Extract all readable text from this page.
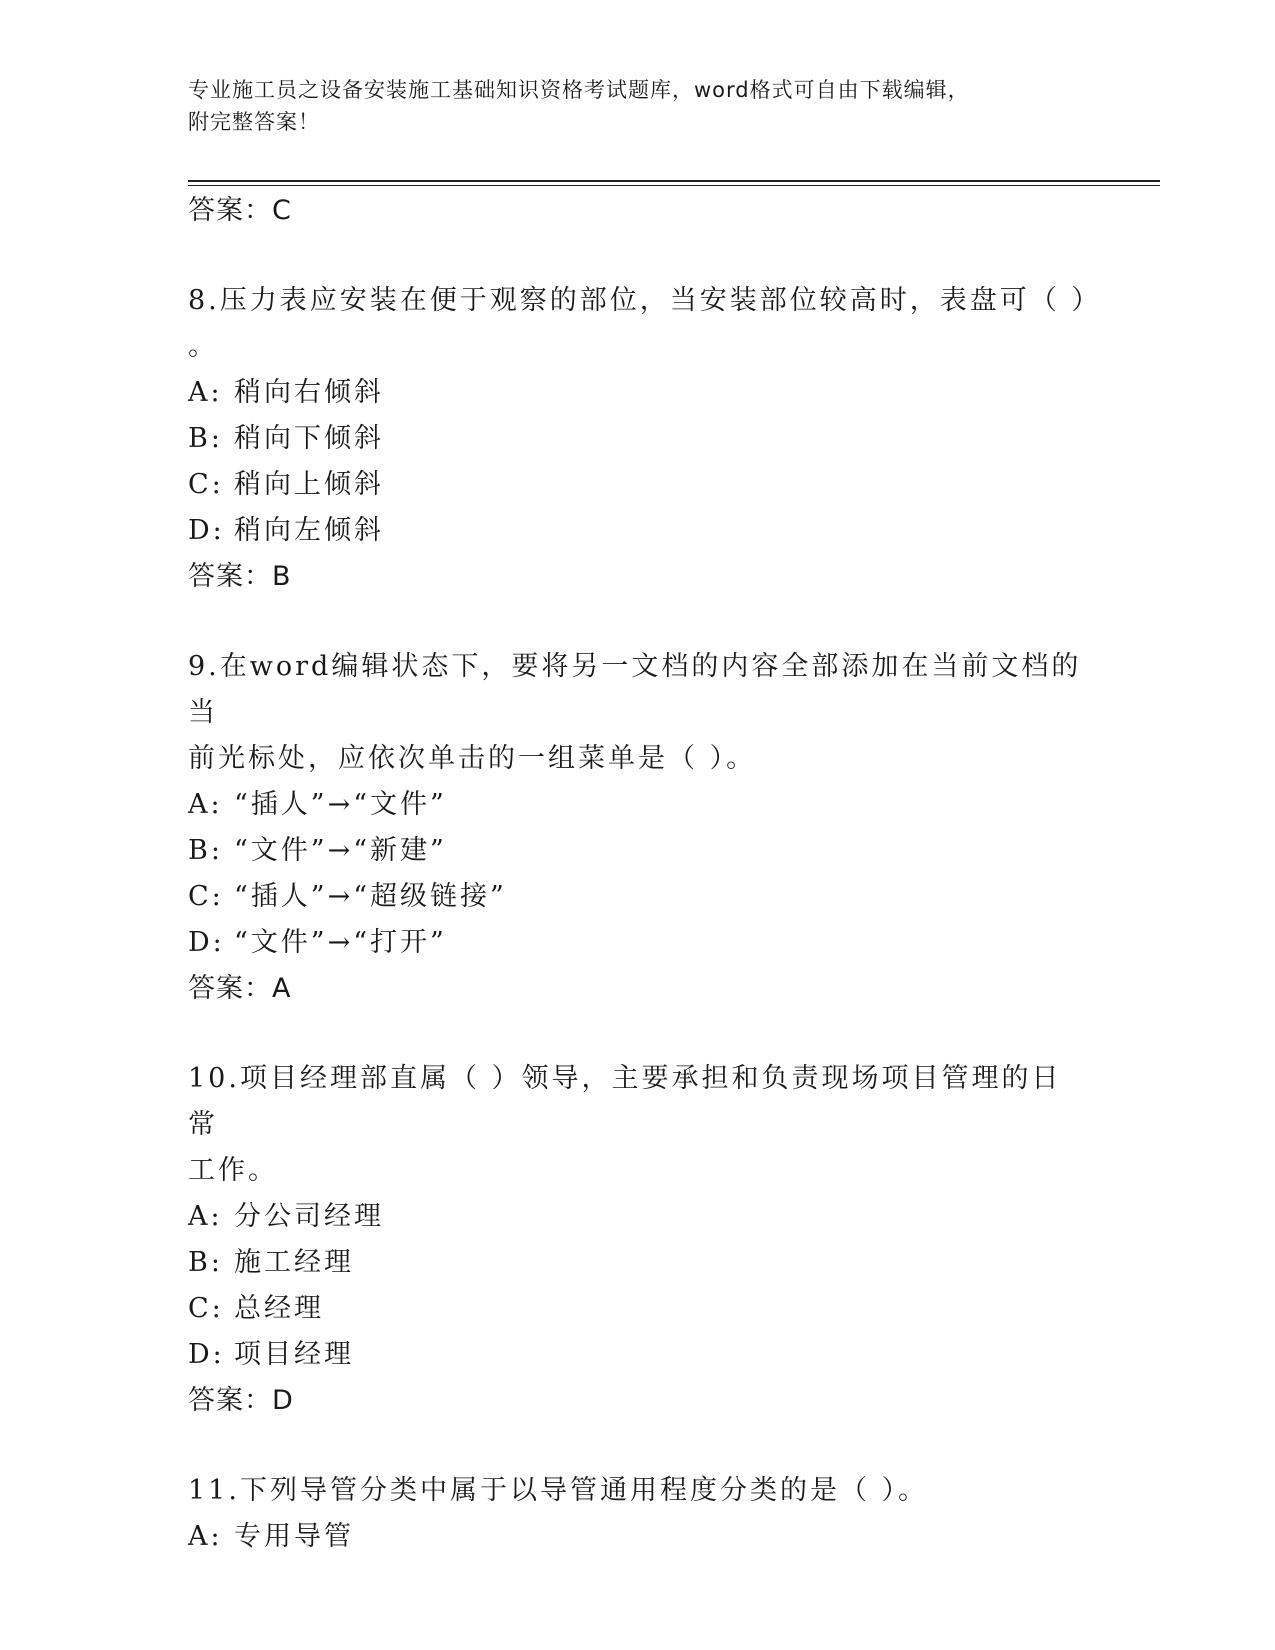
专业施工员之设备安装施工基础知识资格考试题库，word格式可自由下载编辑，
附完整答案！
答案：C
8.压力表应安装在便于观察的部位，当安装部位较高时，表盘可（ ）
。
A: 稍向右倾斜
B: 稍向下倾斜
C: 稍向上倾斜
D: 稍向左倾斜
答案：B
9.在word编辑状态下，要将另一文档的内容全部添加在当前文档的当
前光标处，应依次单击的一组菜单是（ ）。
A: “插人”→“文件”
B: “文件”→“新建”
C: “插人”→“超级链接”
D: “文件”→“打开”
答案：A
10.项目经理部直属（ ）领导，主要承担和负责现场项目管理的日常
工作。
A: 分公司经理
B: 施工经理
C: 总经理
D: 项目经理
答案：D
11.下列导管分类中属于以导管通用程度分类的是（ ）。
A: 专用导管
